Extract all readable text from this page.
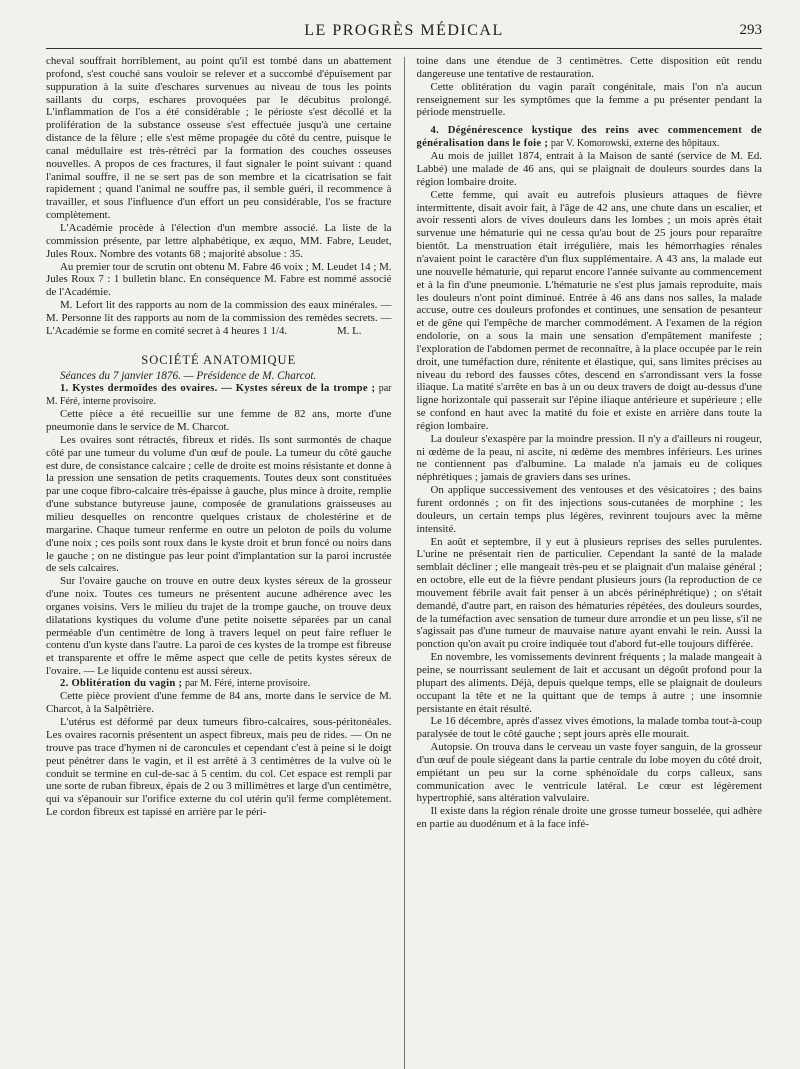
LE PROGRÈS MÉDICAL	293

cheval souffrait horriblement, au point qu'il est tombé dans un abattement profond, s'est couché sans vouloir se relever et a succombé d'épuisement par suppuration à la suite d'eschares survenues au niveau de tous les points saillants du corps, eschares provoquées par le décubitus prolongé. L'inflammation de l'os a été considérable ; le périoste s'est décollé et la prolifération de la substance osseuse s'est effectuée jusqu'à une certaine distance de la fêlure ; elle s'est même propagée du côté du centre, puisque le canal médullaire est très-rétréci par la formation des couches osseuses nouvelles. A propos de ces fractures, il faut signaler le point suivant : quand l'animal souffre, il ne se sert pas de son membre et la cicatrisation se fait rapidement ; quand l'animal ne souffre pas, il semble guéri, il recommence à travailler, et sous l'influence d'un effort un peu considérable, l'os se fracture complètement.

L'Académie procède à l'élection d'un membre associé. La liste de la commission présente, par lettre alphabétique, ex æquo, MM. Fabre, Leudet, Jules Roux. Nombre des votants 68 ; majorité absolue : 35.

Au premier tour de scrutin ont obtenu M. Fabre 46 voix ; M. Leudet 14 ; M. Jules Roux 7 : 1 bulletin blanc. En conséquence M. Fabre est nommé associé de l'Académie.

M. Lefort lit des rapports au nom de la commission des eaux minérales. — M. Personne lit des rapports au nom de la commission des remèdes secrets. — L'Académie se forme en comité secret à 4 heures 1 1/4.	M. L.

SOCIÉTÉ ANATOMIQUE

Séances du 7 janvier 1876. — Présidence de M. Charcot.

1. Kystes dermoïdes des ovaires. — Kystes séreux de la trompe ; par M. Féré, interne provisoire.

Cette pièce a été recueillie sur une femme de 82 ans, morte d'une pneumonie dans le service de M. Charcot.

Les ovaires sont rétractés, fibreux et ridés. Ils sont surmontés de chaque côté par une tumeur du volume d'un œuf de poule. La tumeur du côté gauche est dure, de consistance calcaire ; celle de droite est moins résistante et donne à la pression une sensation de petits craquements. Toutes deux sont constituées par une coque fibro-calcaire très-épaisse à gauche, plus mince à droite, remplie d'une substance butyreuse jaune, composée de granulations graisseuses au milieu desquelles on rencontre quelques cristaux de cholestérine et de margarine. Chaque tumeur renferme en outre un peloton de poils du volume d'une noix ; ces poils sont roux dans le kyste droit et brun foncé ou noirs dans le gauche ; on ne distingue pas leur point d'implantation sur la paroi incrustée de sels calcaires.

Sur l'ovaire gauche on trouve en outre deux kystes séreux de la grosseur d'une noix. Toutes ces tumeurs ne présentent aucune adhérence avec les organes voisins. Vers le milieu du trajet de la trompe gauche, on trouve deux dilatations kystiques du volume d'une petite noisette séparées par un canal perméable d'un centimètre de long à travers lequel on peut faire refluer le contenu d'un kyste dans l'autre. La paroi de ces kystes de la trompe est fibreuse et transparente et offre le même aspect que celle de petits kystes séreux de l'ovaire. — Le liquide contenu est aussi séreux.

2. Oblitération du vagin ; par M. Féré, interne provisoire.

Cette pièce provient d'une femme de 84 ans, morte dans le service de M. Charcot, à la Salpêtrière.

L'utérus est déformé par deux tumeurs fibro-calcaires, sous-péritonéales. Les ovaires racornis présentent un aspect fibreux, mais peu de rides. — On ne trouve pas trace d'hymen ni de caroncules et cependant c'est à peine si le doigt peut pénétrer dans le vagin, et il est arrêté à 3 centimètres de la vulve où le conduit se termine en cul-de-sac à 5 centim. du col. Cet espace est rempli par une sorte de ruban fibreux, épais de 2 ou 3 millimètres et large d'un centimètre, qui va s'épanouir sur l'orifice externe du col utérin qu'il ferme complètement. Le cordon fibreux est tapissé en arrière par le péri-

toine dans une étendue de 3 centimètres. Cette disposition eût rendu dangereuse une tentative de restauration.

Cette oblitération du vagin paraît congénitale, mais l'on n'a aucun renseignement sur les symptômes que la femme a pu présenter pendant la période menstruelle.

4. Dégénérescence kystique des reins avec commencement de généralisation dans le foie ; par V. Komorowski, externe des hôpitaux.

Au mois de juillet 1874, entrait à la Maison de santé (service de M. Ed. Labbé) une malade de 46 ans, qui se plaignait de douleurs sourdes dans la région lombaire droite.

Cette femme, qui avait eu autrefois plusieurs attaques de fièvre intermittente, disait avoir fait, à l'âge de 42 ans, une chute dans un escalier, et avoir ressenti alors de vives douleurs dans les lombes ; un mois après était survenue une hématurie qui ne cessa qu'au bout de 25 jours pour reparaître bientôt. La menstruation était irrégulière, mais les hémorrhagies rénales n'avaient point le caractère d'un flux supplémentaire. A 43 ans, la malade eut une nouvelle hématurie, qui reparut encore l'année suivante au commencement et à la fin d'une pneumonie. L'hématurie ne s'est plus jamais reproduite, mais les douleurs n'ont point diminué. Entrée à 46 ans dans nos salles, la malade accuse, outre ces douleurs profondes et continues, une sensation de pesanteur et de gêne qui l'empêche de marcher commodément. A l'examen de la région endolorie, on a sous la main une sensation d'empâtement manifeste ; l'exploration de l'abdomen permet de reconnaître, à la place occupée par le rein droit, une tuméfaction dure, rénitente et élastique, qui, sans limites précises au niveau du rebord des fausses côtes, descend en s'arrondissant vers la fosse iliaque. La matité s'arrête en bas à un ou deux travers de doigt au-dessus d'une ligne horizontale qui passerait sur l'épine iliaque antérieure et supérieure ; elle se confond en haut avec la matité du foie et existe en arrière dans toute la région lombaire.

La douleur s'exaspère par la moindre pression. Il n'y a d'ailleurs ni rougeur, ni œdème de la peau, ni ascite, ni œdème des membres inférieurs. Les urines ne contiennent pas d'albumine. La malade n'a jamais eu de coliques néphrétiques ; jamais de graviers dans ses urines.

On applique successivement des ventouses et des vésicatoires ; des bains furent ordonnés ; on fit des injections sous-cutanées de morphine ; les douleurs, un certain temps plus légères, revinrent toujours avec la même intensité.

En août et septembre, il y eut à plusieurs reprises des selles purulentes. L'urine ne présentait rien de particulier. Cependant la santé de la malade semblait décliner ; elle mangeait très-peu et se plaignait d'un malaise général ; en octobre, elle eut de la fièvre pendant plusieurs jours (la reproduction de ce mouvement fébrile avait fait penser à un abcès périnéphrétique) ; on s'était demandé, d'autre part, en raison des hématuries répétées, des douleurs sourdes, de la tuméfaction avec sensation de tumeur dure arrondie et un peu lisse, s'il ne s'agissait pas d'une tumeur de mauvaise nature ayant envahi le rein. Aussi la ponction qu'on avait pu croire indiquée tout d'abord fut-elle toujours différée.

En novembre, les vomissements devinrent fréquents ; la malade mangeait à peine, se nourrissant seulement de lait et accusant un dégoût profond pour la plupart des aliments. Déjà, depuis quelque temps, elle se plaignait de douleurs occupant la tête et ne la quittant que de temps à autre ; une insomnie persistante en était résulté.

Le 16 décembre, après d'assez vives émotions, la malade tomba tout-à-coup paralysée de tout le côté gauche ; sept jours après elle mourait.

Autopsie. On trouva dans le cerveau un vaste foyer sanguin, de la grosseur d'un œuf de poule siégeant dans la partie centrale du lobe moyen du côté droit, empiétant un peu sur la corne sphénoïdale du corps calleux, sans communication avec le ventricule latéral. Le cœur est légèrement hypertrophié, sans altération valvulaire.

Il existe dans la région rénale droite une grosse tumeur bosselée, qui adhère en partie au duodénum et à la face infé-
